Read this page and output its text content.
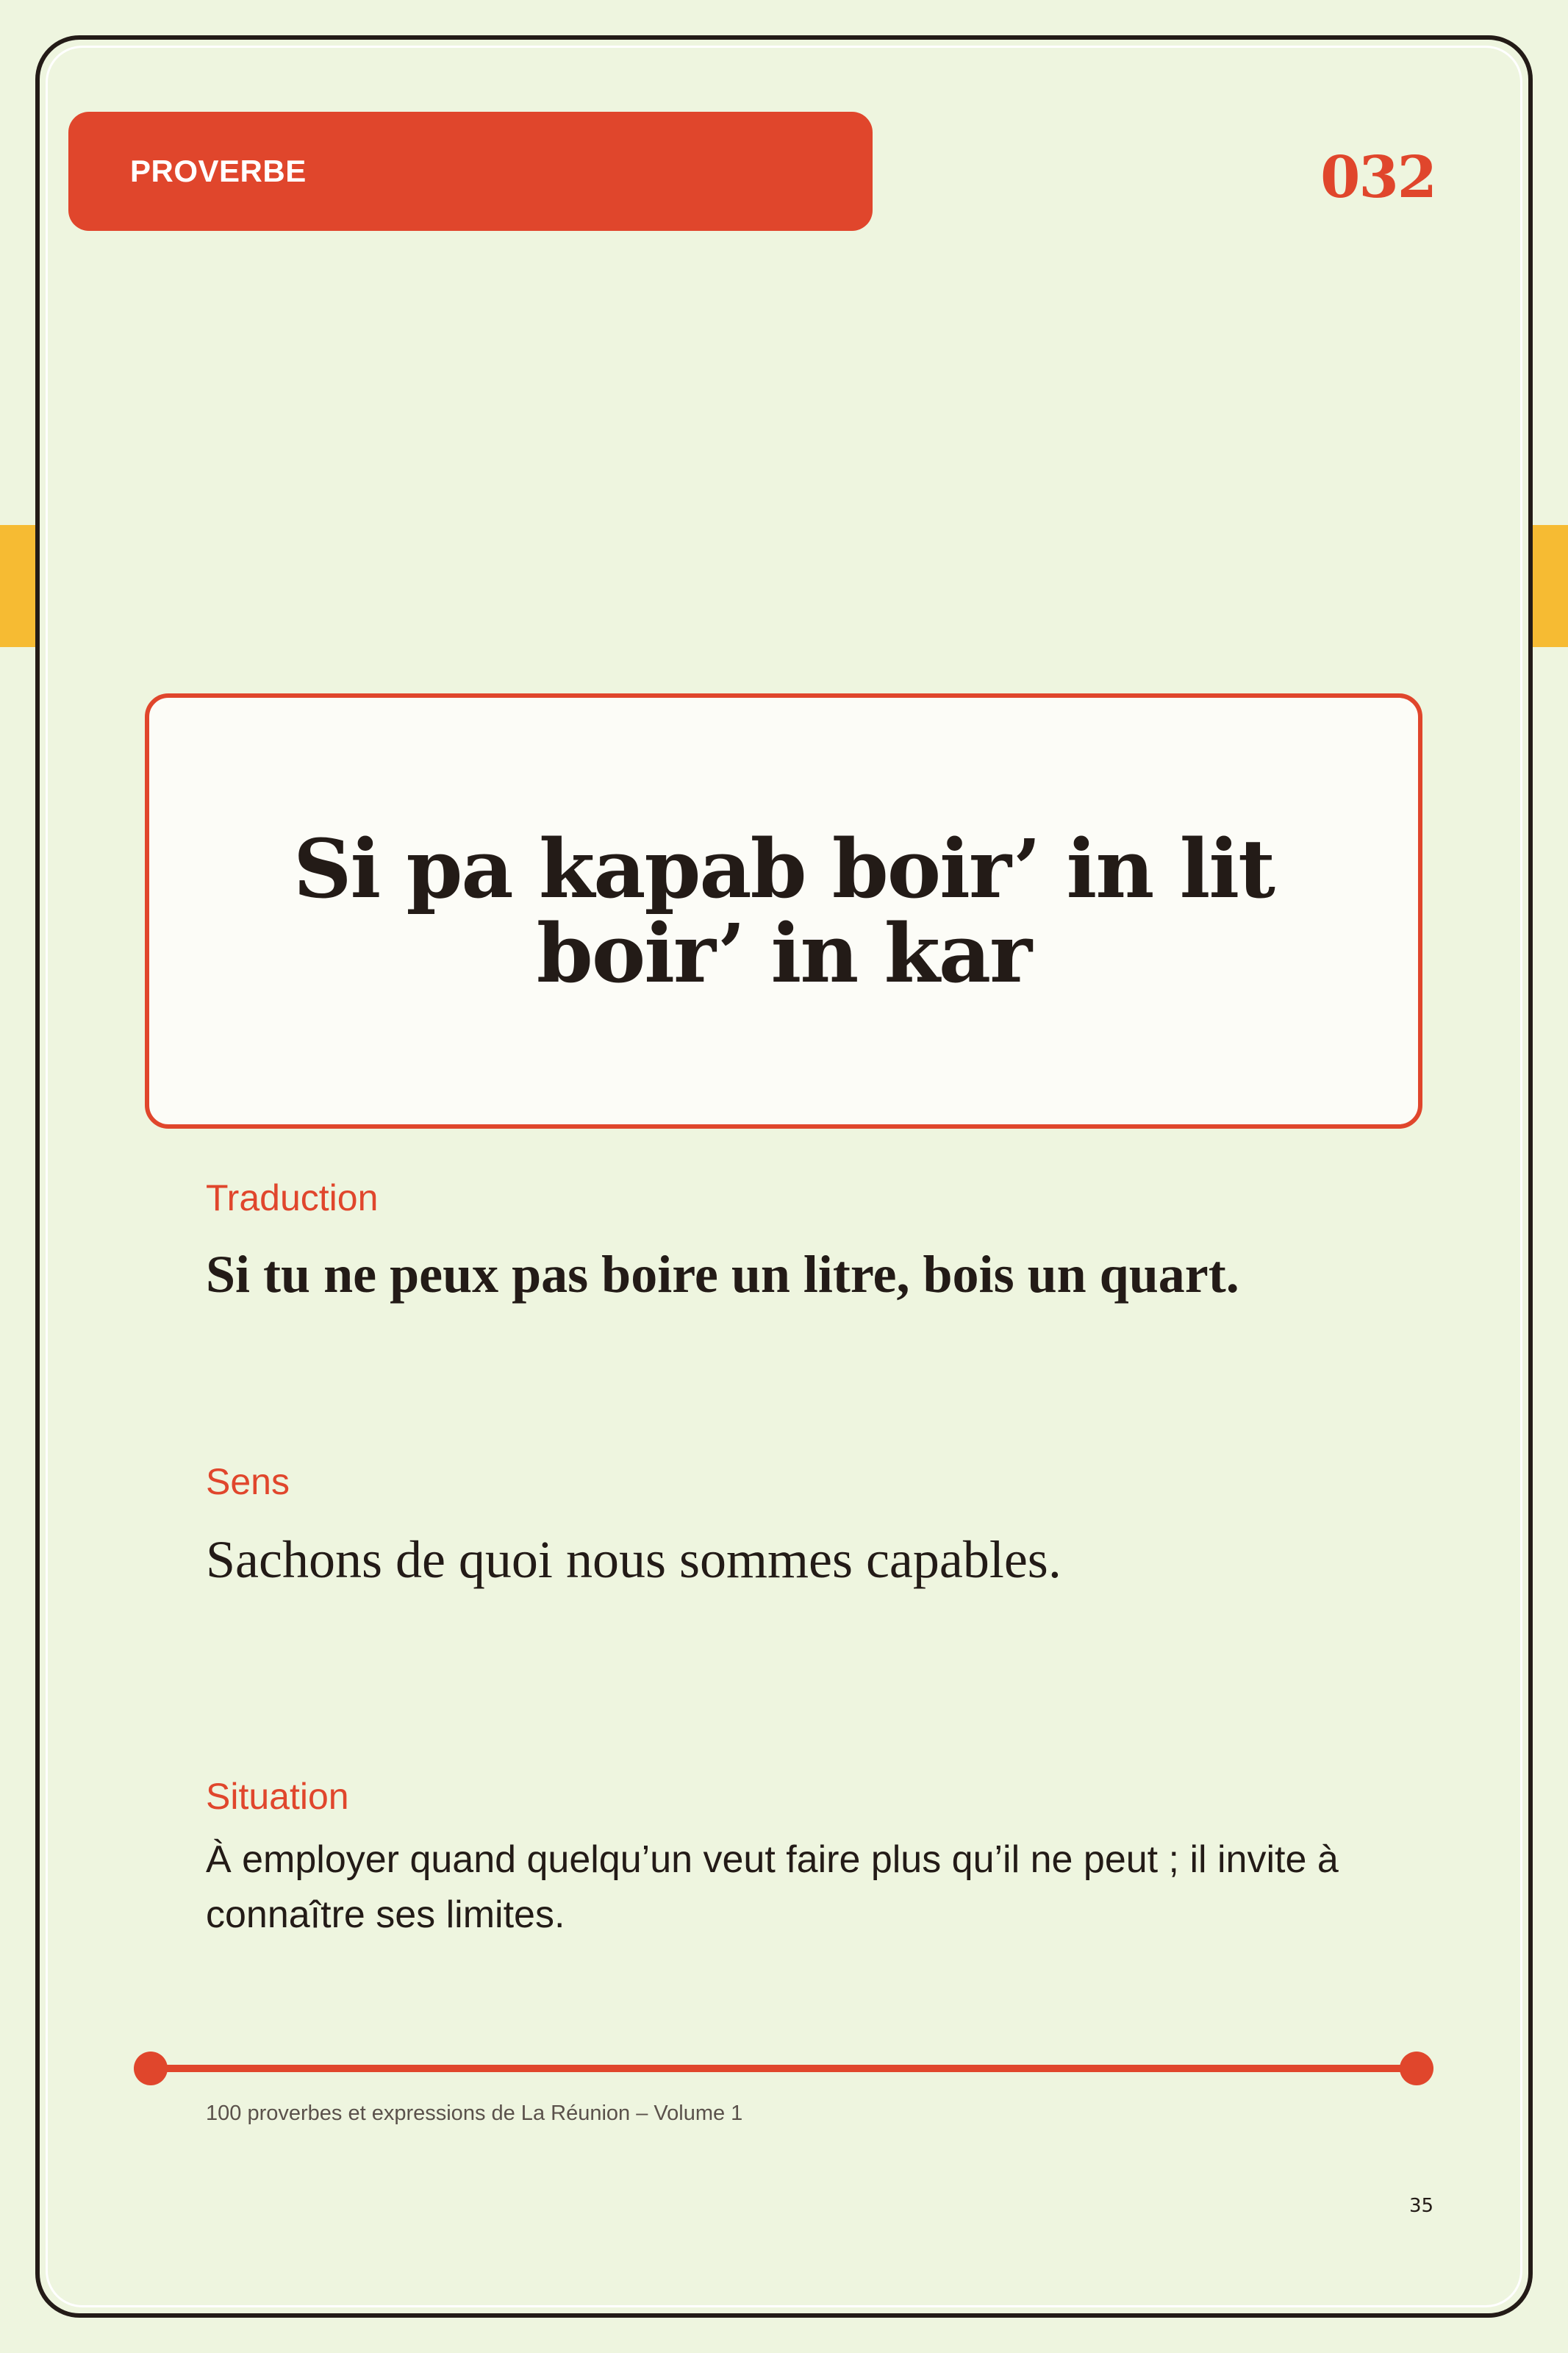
PROVERBE	032
Si pa kapab boir’ in lit
boir’ in kar
Traduction
Si tu ne peux pas boire un litre, bois un quart.
Sens
Sachons de quoi nous sommes capables.
Situation
À employer quand quelqu’un veut faire plus qu’il ne peut ; il invite à connaître ses limites.
100 proverbes et expressions de La Réunion – Volume 1
35
